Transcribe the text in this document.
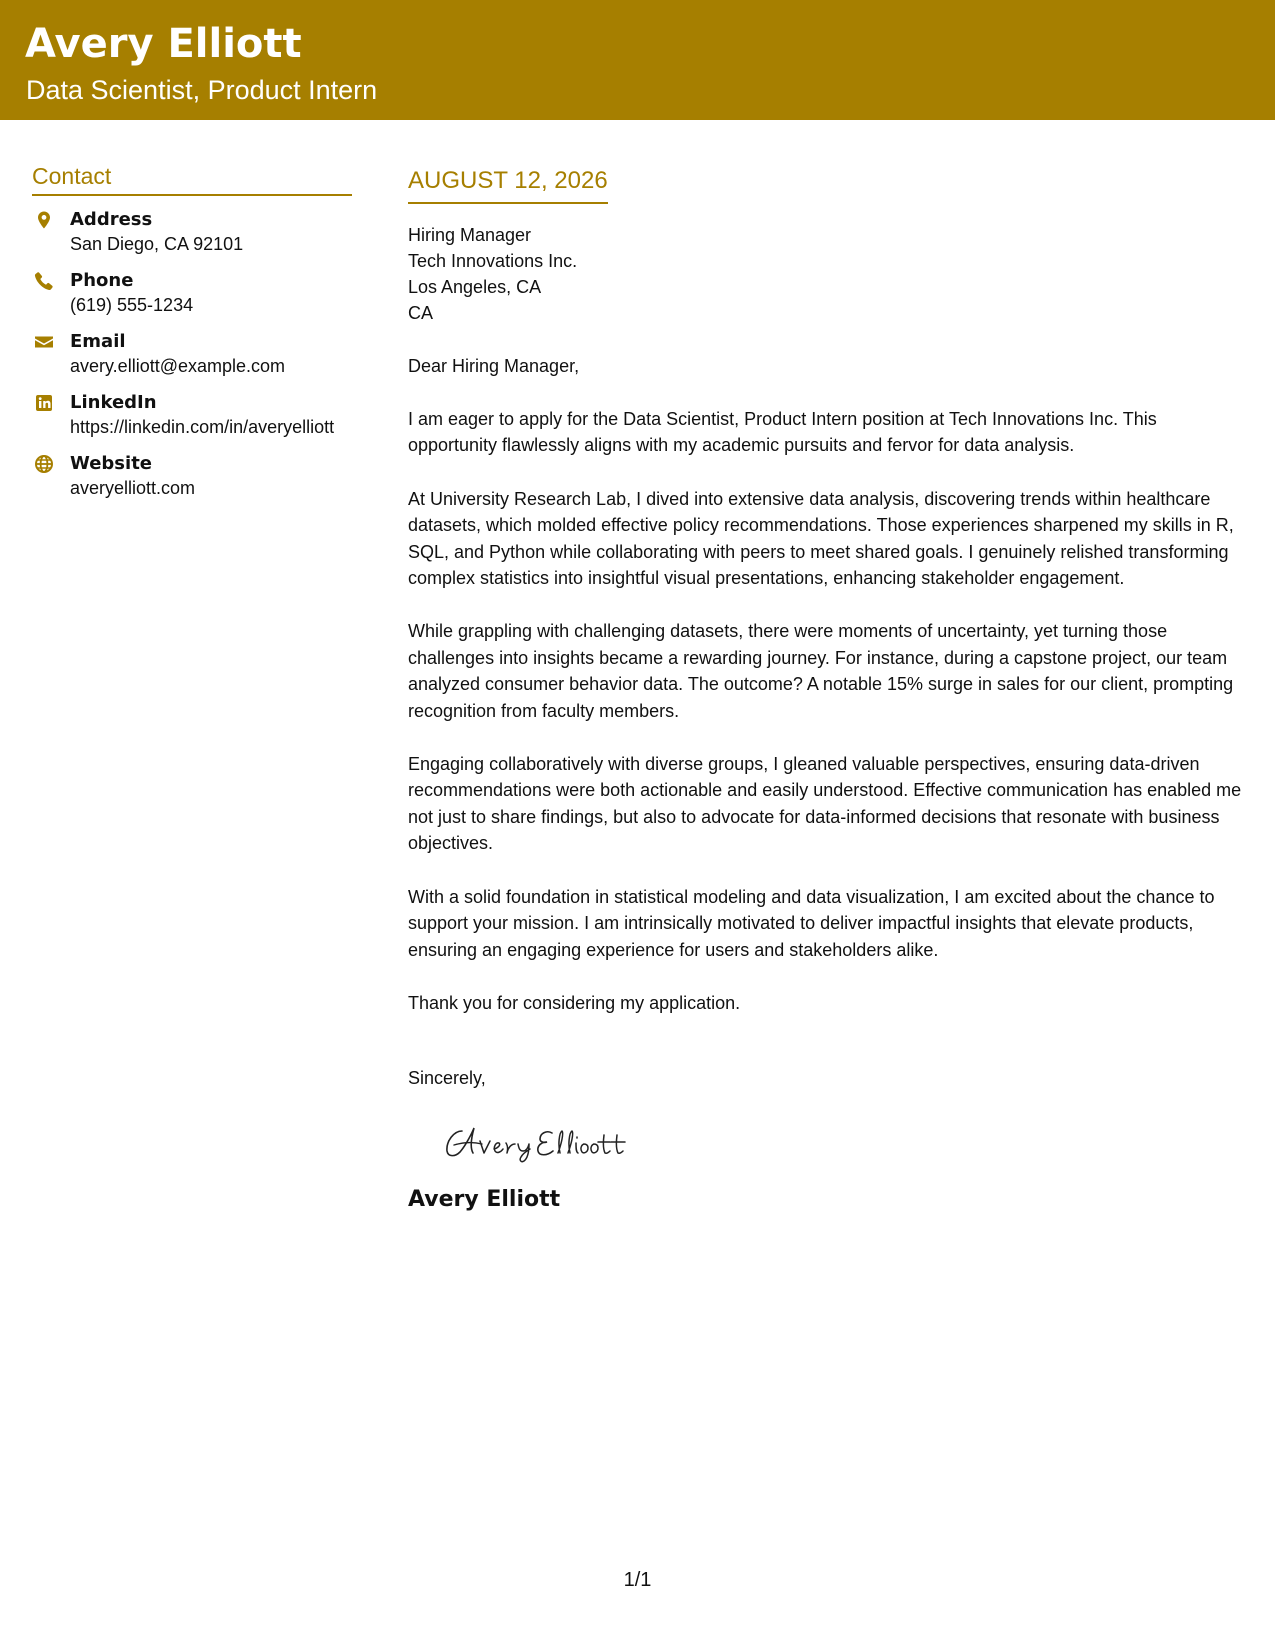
Avery Elliott
Data Scientist, Product Intern
Contact
Address
San Diego, CA 92101
Phone
(619) 555-1234
Email
avery.elliott@example.com
LinkedIn
https://linkedin.com/in/averyelliott
Website
averyelliott.com
AUGUST 12, 2026
Hiring Manager
Tech Innovations Inc.
Los Angeles, CA
CA
Dear Hiring Manager,
I am eager to apply for the Data Scientist, Product Intern position at Tech Innovations Inc. This opportunity flawlessly aligns with my academic pursuits and fervor for data analysis.
At University Research Lab, I dived into extensive data analysis, discovering trends within healthcare datasets, which molded effective policy recommendations. Those experiences sharpened my skills in R, SQL, and Python while collaborating with peers to meet shared goals. I genuinely relished transforming complex statistics into insightful visual presentations, enhancing stakeholder engagement.
While grappling with challenging datasets, there were moments of uncertainty, yet turning those challenges into insights became a rewarding journey. For instance, during a capstone project, our team analyzed consumer behavior data. The outcome? A notable 15% surge in sales for our client, prompting recognition from faculty members.
Engaging collaboratively with diverse groups, I gleaned valuable perspectives, ensuring data-driven recommendations were both actionable and easily understood. Effective communication has enabled me not just to share findings, but also to advocate for data-informed decisions that resonate with business objectives.
With a solid foundation in statistical modeling and data visualization, I am excited about the chance to support your mission. I am intrinsically motivated to deliver impactful insights that elevate products, ensuring an engaging experience for users and stakeholders alike.
Thank you for considering my application.
Sincerely,
Avery Elliott
1/1
